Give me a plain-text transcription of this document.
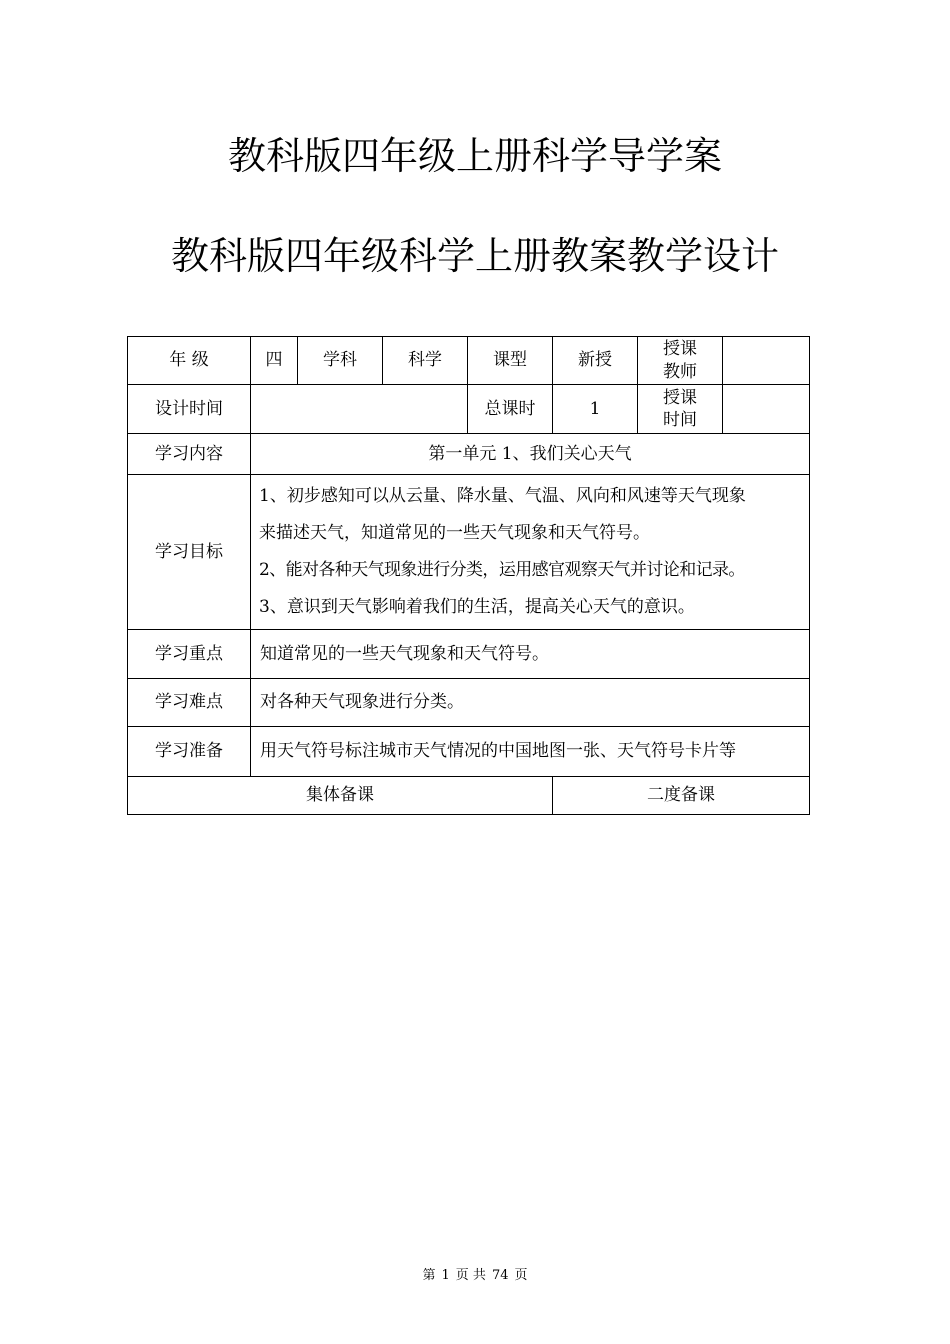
教科版四年级上册科学导学案
教科版四年级科学上册教案教学设计
年 级	四	学科	科学	课型	新授	授课
教师	

设计时间				总课时	1	授课
时间	

学习内容	第一单元 1、我们关心天气						
学习目标	1、初步感知可以从云量、降水量、气温、风向和风速等天气现象
来描述天气，知道常见的一些天气现象和天气符号。
2、能对各种天气现象进行分类，运用感官观察天气并讨论和记录。
3、意识到天气影响着我们的生活，提高关心天气的意识。						

学习重点	知道常见的一些天气现象和天气符号。						
学习难点	对各种天气现象进行分类。						
学习准备	用天气符号标注城市天气情况的中国地图一张、天气符号卡片等						
集体备课					二度备课		
第 1 页 共 74 页
